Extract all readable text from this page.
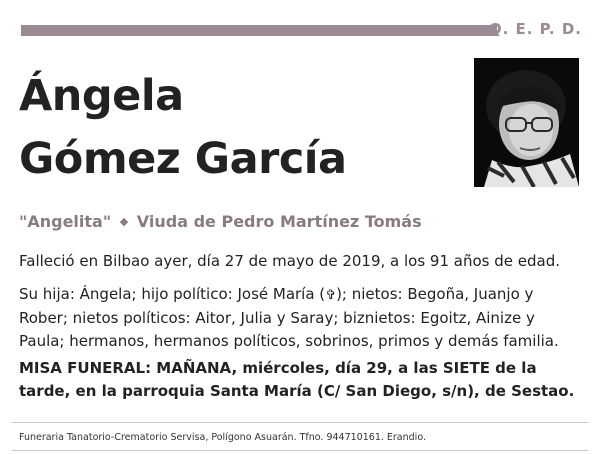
Q. E. P. D.
Ángela
Gómez García
"Angelita" ◆ Viuda de Pedro Martínez Tomás
Falleció en Bilbao ayer, día 27 de mayo de 2019, a los 91 años de edad.
Su hija: Ángela; hijo político: José María (✞); nietos: Begoña, Juanjo y Rober; nietos políticos: Aitor, Julia y Saray; biznietos: Egoitz, Ainize y Paula; hermanos, hermanos políticos, sobrinos, primos y demás familia.
MISA FUNERAL: MAÑANA, miércoles, día 29, a las SIETE de la tarde, en la parroquia Santa María (C/ San Diego, s/n), de Sestao.
Funeraria Tanatorio-Crematorio Servisa, Polígono Asuarán. Tfno. 944710161. Erandio.
